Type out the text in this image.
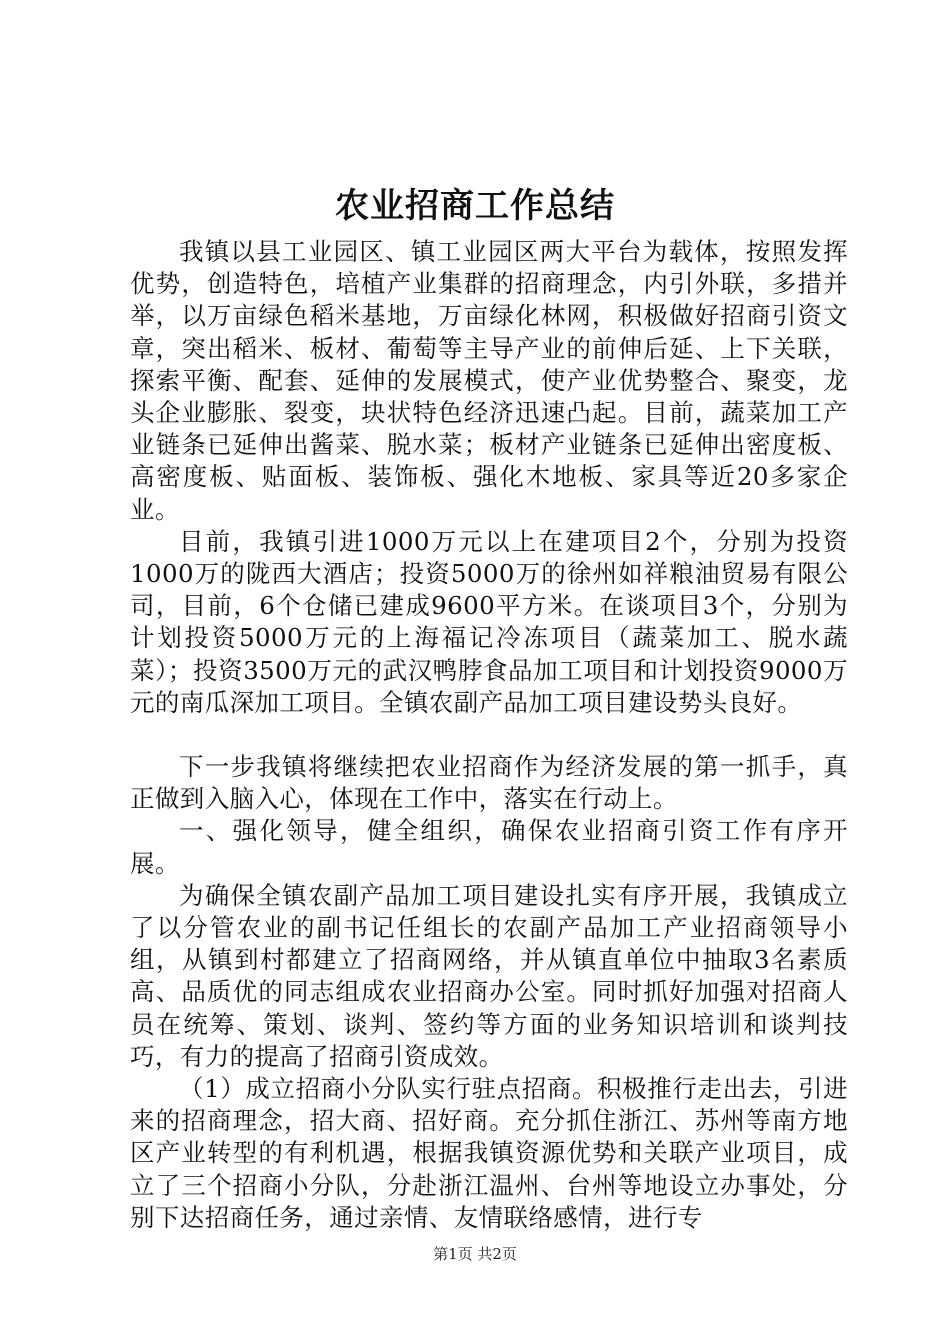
农业招商工作总结

我镇以县工业园区、镇工业园区两大平台为载体，按照发挥优势，创造特色，培植产业集群的招商理念，内引外联，多措并举，以万亩绿色稻米基地，万亩绿化林网，积极做好招商引资文章，突出稻米、板材、葡萄等主导产业的前伸后延、上下关联，探索平衡、配套、延伸的发展模式，使产业优势整合、聚变，龙头企业膨胀、裂变，块状特色经济迅速凸起。目前，蔬菜加工产业链条已延伸出酱菜、脱水菜；板材产业链条已延伸出密度板、高密度板、贴面板、装饰板、强化木地板、家具等近20多家企业。

目前，我镇引进1000万元以上在建项目2个，分别为投资1000万的陇西大酒店；投资5000万的徐州如祥粮油贸易有限公司，目前，6个仓储已建成9600平方米。在谈项目3个，分别为计划投资5000万元的上海福记冷冻项目（蔬菜加工、脱水蔬菜）；投资3500万元的武汉鸭脖食品加工项目和计划投资9000万元的南瓜深加工项目。全镇农副产品加工项目建设势头良好。

下一步我镇将继续把农业招商作为经济发展的第一抓手，真正做到入脑入心，体现在工作中，落实在行动上。

一、强化领导，健全组织，确保农业招商引资工作有序开展。

为确保全镇农副产品加工项目建设扎实有序开展，我镇成立了以分管农业的副书记任组长的农副产品加工产业招商领导小组，从镇到村都建立了招商网络，并从镇直单位中抽取3名素质高、品质优的同志组成农业招商办公室。同时抓好加强对招商人员在统筹、策划、谈判、签约等方面的业务知识培训和谈判技巧，有力的提高了招商引资成效。

（1）成立招商小分队实行驻点招商。积极推行走出去，引进来的招商理念，招大商、招好商。充分抓住浙江、苏州等南方地区产业转型的有利机遇，根据我镇资源优势和关联产业项目，成立了三个招商小分队，分赴浙江温州、台州等地设立办事处，分别下达招商任务，通过亲情、友情联络感情，进行专

第1页 共2页
